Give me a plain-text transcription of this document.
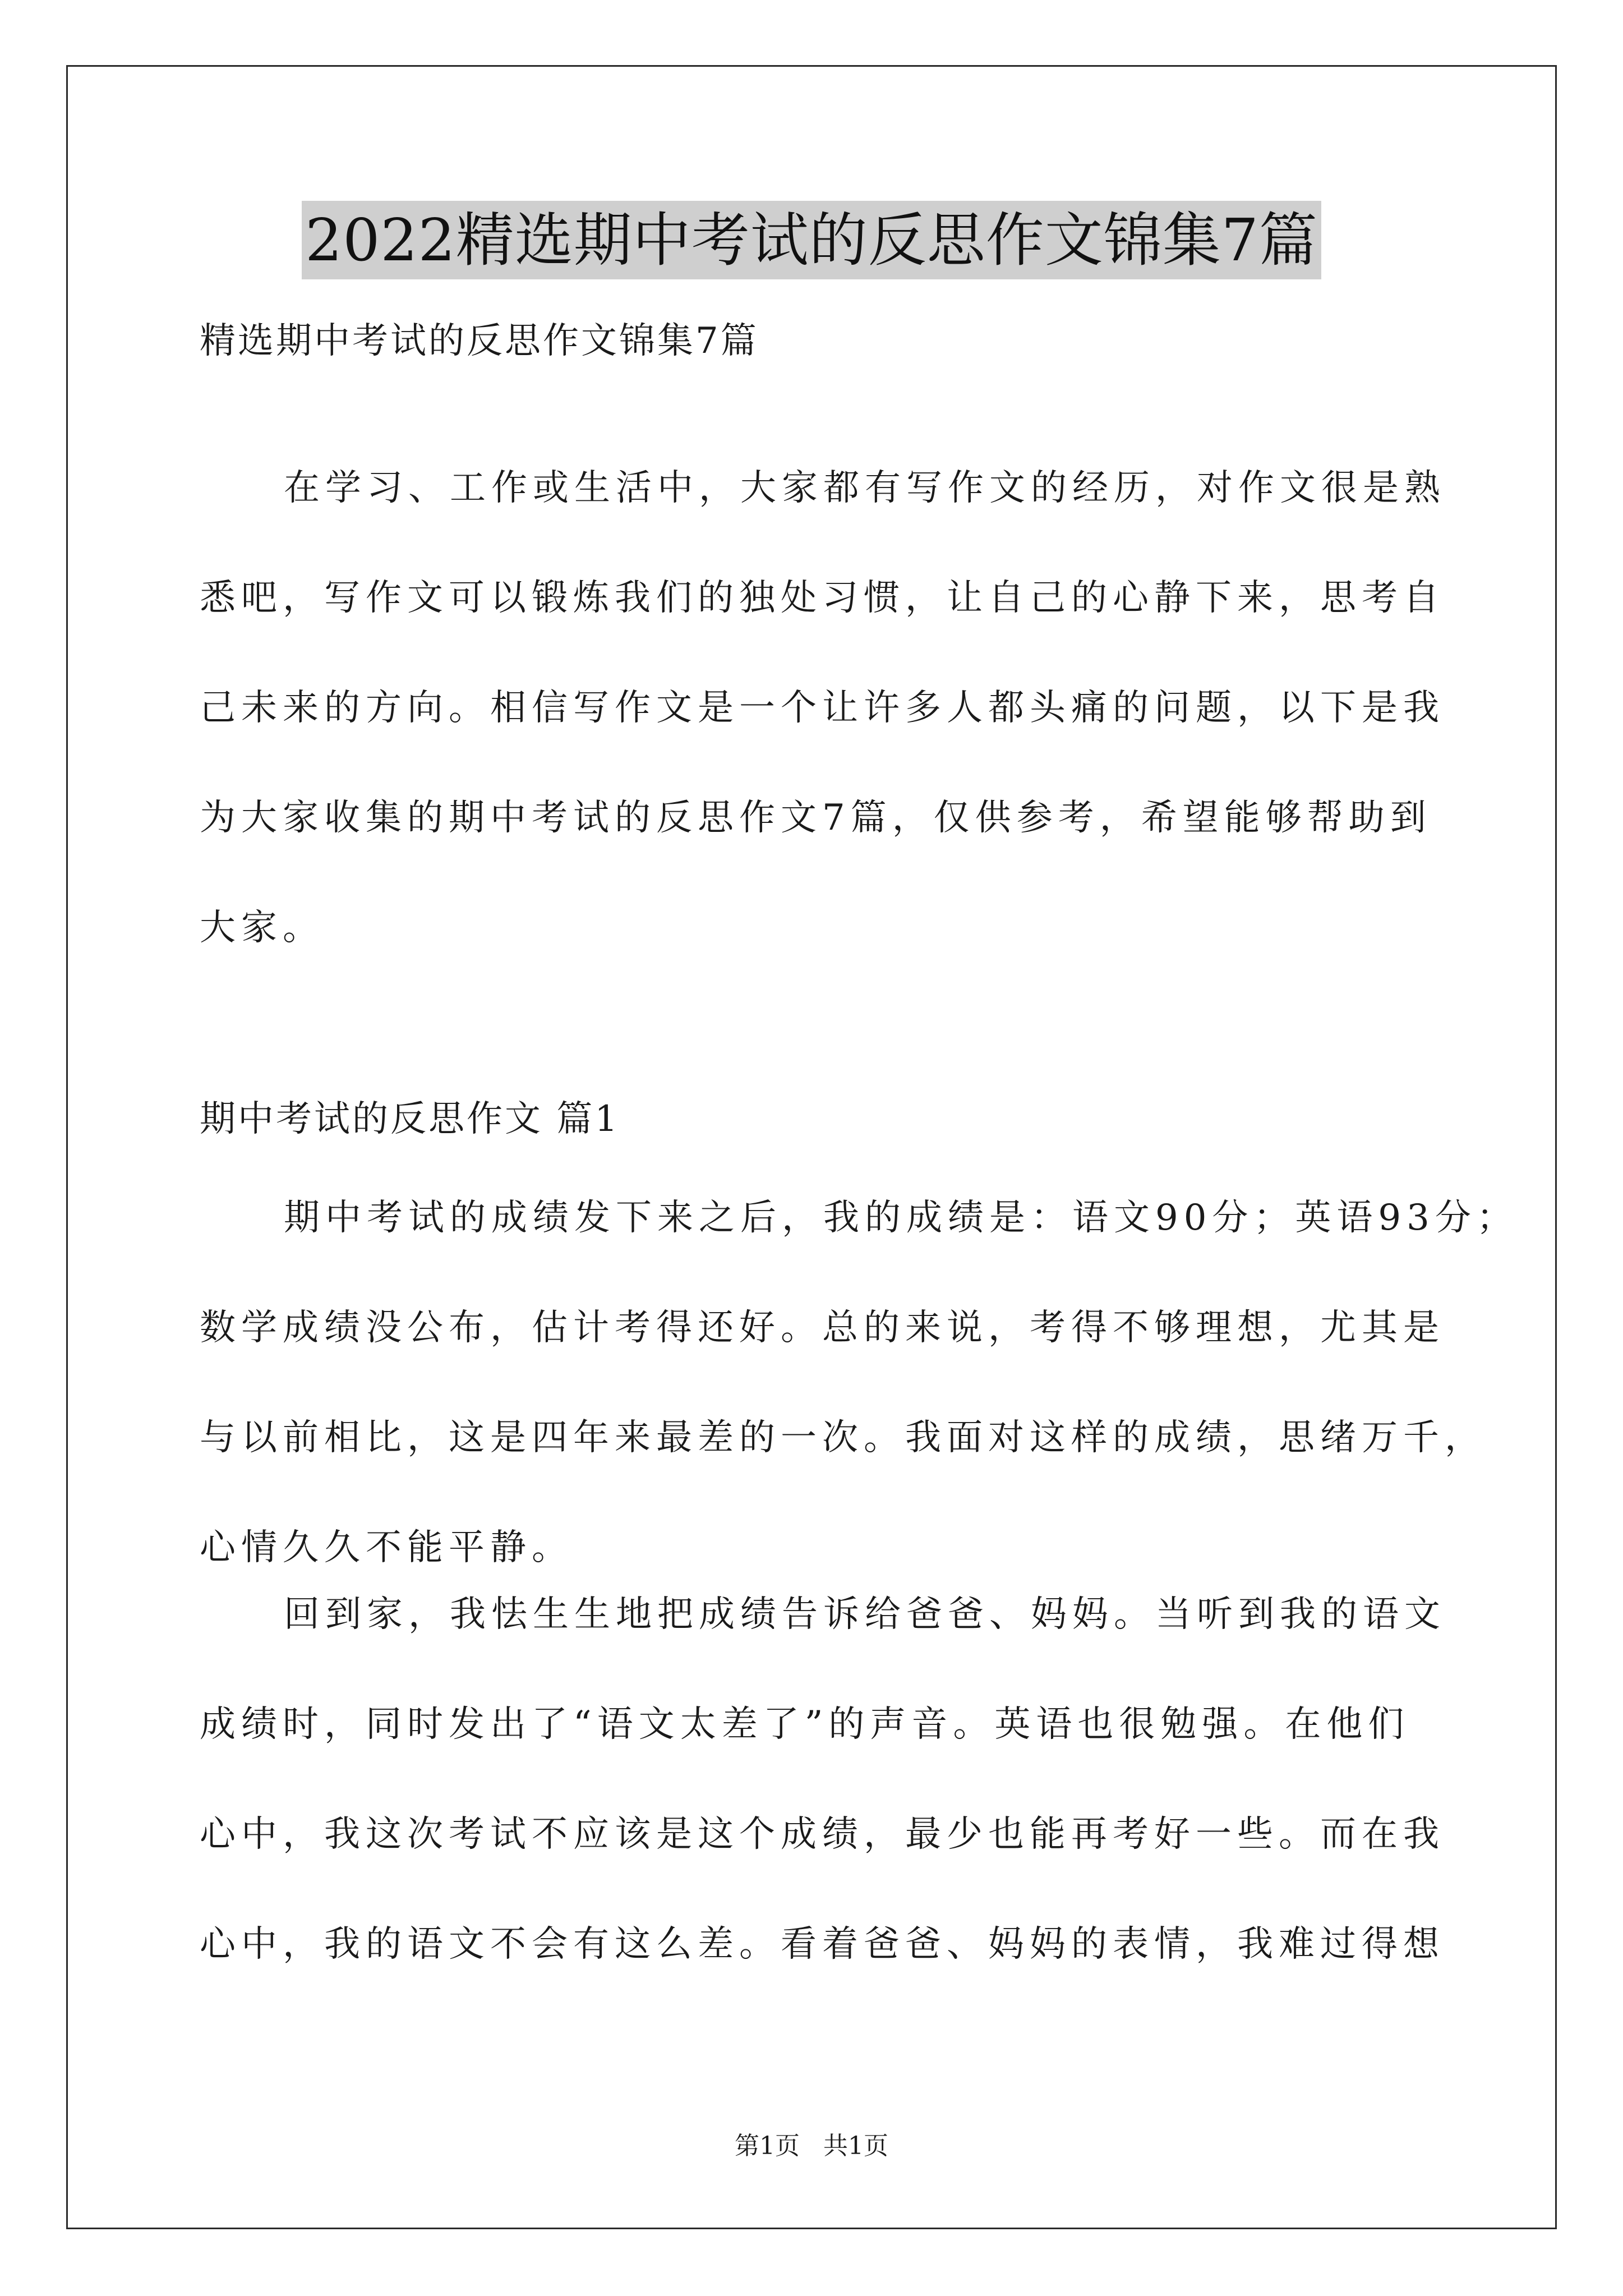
2022精选期中考试的反思作文锦集7篇
精选期中考试的反思作文锦集7篇
在学习、工作或生活中，大家都有写作文的经历，对作文很是熟
悉吧，写作文可以锻炼我们的独处习惯，让自己的心静下来，思考自
己未来的方向。相信写作文是一个让许多人都头痛的问题，以下是我
为大家收集的期中考试的反思作文7篇，仅供参考，希望能够帮助到
大家。
期中考试的反思作文 篇1
期中考试的成绩发下来之后，我的成绩是：语文90分；英语93分；
数学成绩没公布，估计考得还好。总的来说，考得不够理想，尤其是
与以前相比，这是四年来最差的一次。我面对这样的成绩，思绪万千，
心情久久不能平静。
回到家，我怯生生地把成绩告诉给爸爸、妈妈。当听到我的语文
成绩时，同时发出了“语文太差了”的声音。英语也很勉强。在他们
心中，我这次考试不应该是这个成绩，最少也能再考好一些。而在我
心中，我的语文不会有这么差。看着爸爸、妈妈的表情，我难过得想
第1页   共1页
